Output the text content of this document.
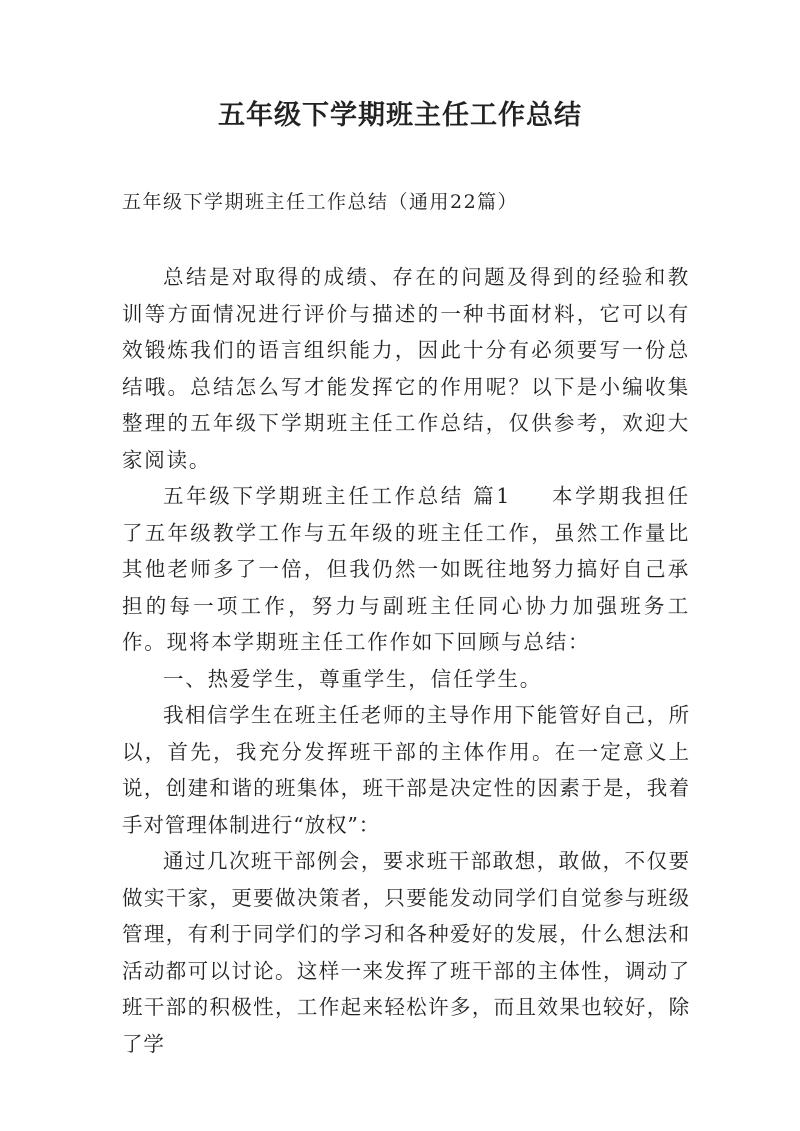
五年级下学期班主任工作总结

五年级下学期班主任工作总结（通用22篇）

总结是对取得的成绩、存在的问题及得到的经验和教训等方面情况进行评价与描述的一种书面材料，它可以有效锻炼我们的语言组织能力，因此十分有必须要写一份总结哦。总结怎么写才能发挥它的作用呢？以下是小编收集整理的五年级下学期班主任工作总结，仅供参考，欢迎大家阅读。

五年级下学期班主任工作总结 篇1 本学期我担任了五年级教学工作与五年级的班主任工作，虽然工作量比其他老师多了一倍，但我仍然一如既往地努力搞好自己承担的每一项工作，努力与副班主任同心协力加强班务工作。现将本学期班主任工作作如下回顾与总结：

一、热爱学生，尊重学生，信任学生。

我相信学生在班主任老师的主导作用下能管好自己，所以，首先，我充分发挥班干部的主体作用。在一定意义上说，创建和谐的班集体，班干部是决定性的因素于是，我着手对管理体制进行“放权”：

通过几次班干部例会，要求班干部敢想，敢做，不仅要做实干家，更要做决策者，只要能发动同学们自觉参与班级管理，有利于同学们的学习和各种爱好的发展，什么想法和活动都可以讨论。这样一来发挥了班干部的主体性，调动了班干部的积极性，工作起来轻松许多，而且效果也较好，除了学
